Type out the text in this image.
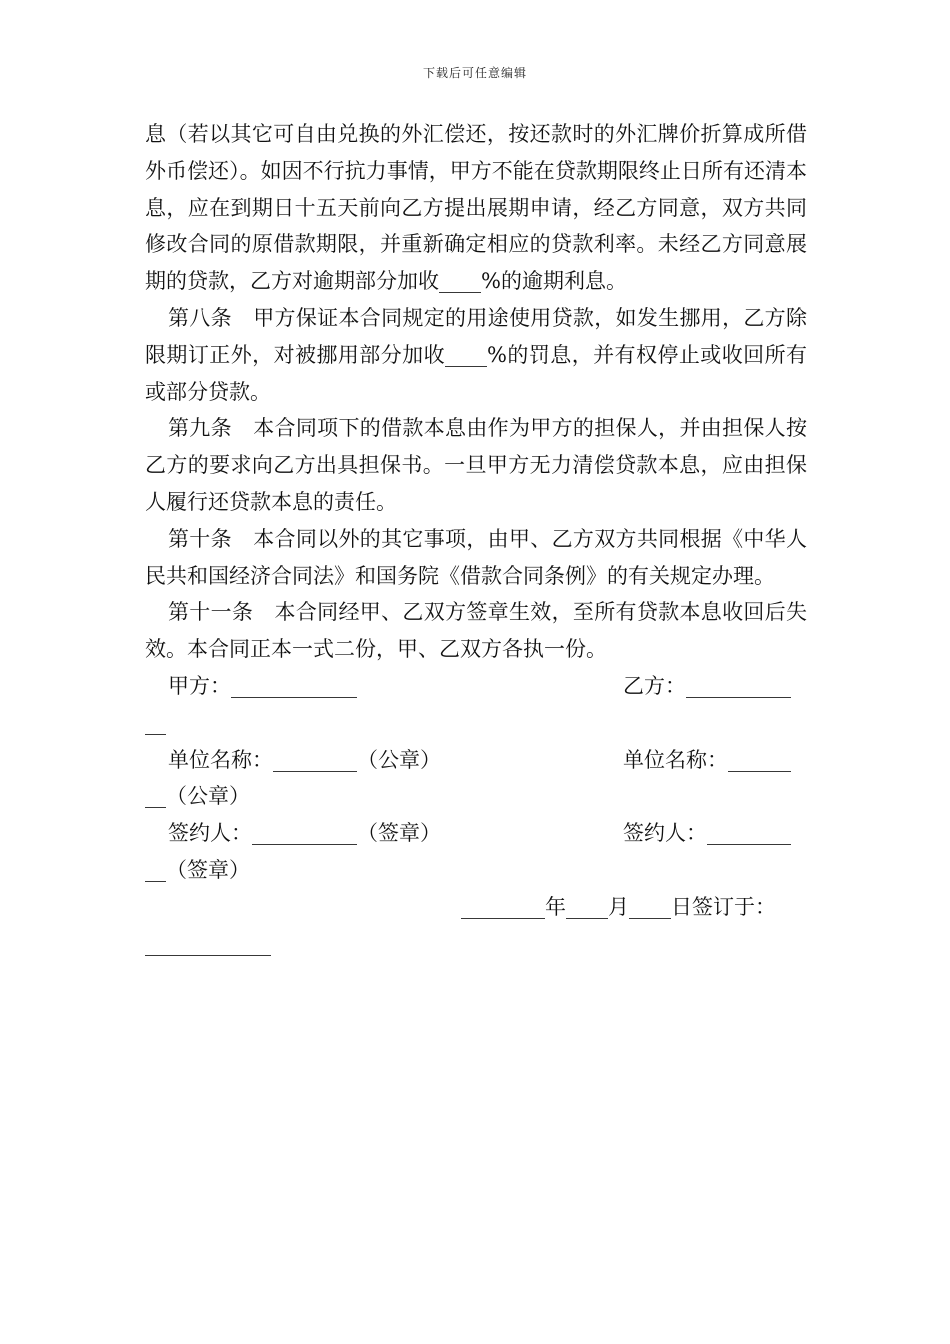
下载后可任意编辑

息（若以其它可自由兑换的外汇偿还，按还款时的外汇牌价折算成所借外币偿还）。如因不行抗力事情，甲方不能在贷款期限终止日所有还清本息，应在到期日十五天前向乙方提出展期申请，经乙方同意，双方共同修改合同的原借款期限，并重新确定相应的贷款利率。未经乙方同意展期的贷款，乙方对逾期部分加收____%的逾期利息。

第八条　甲方保证本合同规定的用途使用贷款，如发生挪用，乙方除限期订正外，对被挪用部分加收____%的罚息，并有权停止或收回所有或部分贷款。

第九条　本合同项下的借款本息由作为甲方的担保人，并由担保人按乙方的要求向乙方出具担保书。一旦甲方无力清偿贷款本息，应由担保人履行还贷款本息的责任。

第十条　本合同以外的其它事项，由甲、乙方双方共同根据《中华人民共和国经济合同法》和国务院《借款合同条例》的有关规定办理。

第十一条　本合同经甲、乙双方签章生效，至所有贷款本息收回后失效。本合同正本一式二份，甲、乙双方各执一份。

甲方：____________	乙方：__________
__
单位名称：________（公章）	单位名称：______
__（公章）
签约人：__________（签章）	签约人：________
__（签章）
________年____月____日签订于：
____________
